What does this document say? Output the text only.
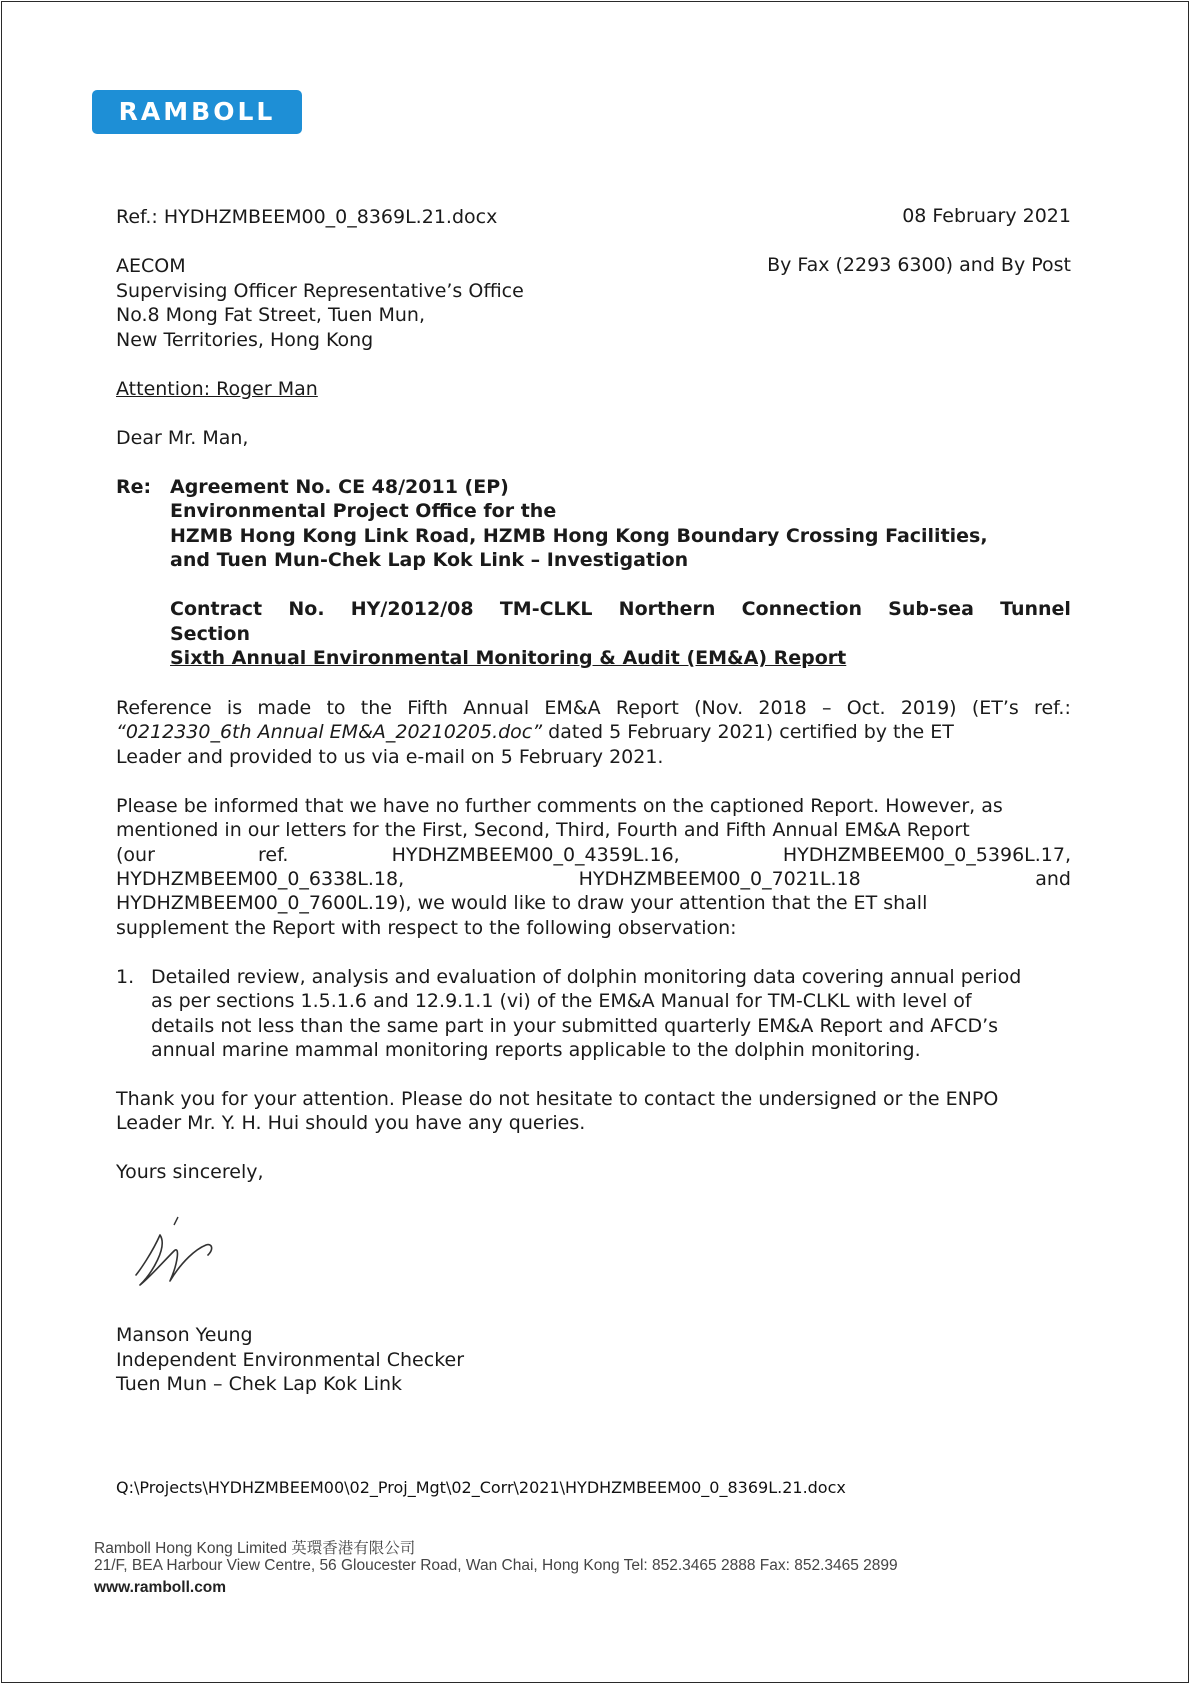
RAMBOLL
Ref.: HYDHZMBEEM00_0_8369L.21.docx	08 February 2021
By Fax (2293 6300) and By Post
AECOM
Supervising Officer Representative’s Office
No.8 Mong Fat Street, Tuen Mun,
New Territories, Hong Kong
Attention: Roger Man
Dear Mr. Man,
Re: Agreement No. CE 48/2011 (EP)
Environmental Project Office for the
HZMB Hong Kong Link Road, HZMB Hong Kong Boundary Crossing Facilities,
and Tuen Mun-Chek Lap Kok Link – Investigation
Contract No. HY/2012/08 TM-CLKL Northern Connection Sub-sea Tunnel
Section
Sixth Annual Environmental Monitoring & Audit (EM&A) Report
Reference is made to the Fifth Annual EM&A Report (Nov. 2018 – Oct. 2019) (ET’s ref.:
“0212330_6th Annual EM&A_20210205.doc” dated 5 February 2021) certified by the ET
Leader and provided to us via e-mail on 5 February 2021.
Please be informed that we have no further comments on the captioned Report. However, as
mentioned in our letters for the First, Second, Third, Fourth and Fifth Annual EM&A Report
(our	ref.	HYDHZMBEEM00_0_4359L.16,	HYDHZMBEEM00_0_5396L.17,
HYDHZMBEEM00_0_6338L.18,	HYDHZMBEEM00_0_7021L.18	and
HYDHZMBEEM00_0_7600L.19), we would like to draw your attention that the ET shall
supplement the Report with respect to the following observation:
1. Detailed review, analysis and evaluation of dolphin monitoring data covering annual period
as per sections 1.5.1.6 and 12.9.1.1 (vi) of the EM&A Manual for TM-CLKL with level of
details not less than the same part in your submitted quarterly EM&A Report and AFCD’s
annual marine mammal monitoring reports applicable to the dolphin monitoring.
Thank you for your attention. Please do not hesitate to contact the undersigned or the ENPO
Leader Mr. Y. H. Hui should you have any queries.
Yours sincerely,
Manson Yeung
Independent Environmental Checker
Tuen Mun – Chek Lap Kok Link
Q:\Projects\HYDHZMBEEM00\02_Proj_Mgt\02_Corr\2021\HYDHZMBEEM00_0_8369L.21.docx
Ramboll Hong Kong Limited 英環香港有限公司
21/F, BEA Harbour View Centre, 56 Gloucester Road, Wan Chai, Hong Kong Tel: 852.3465 2888 Fax: 852.3465 2899
www.ramboll.com
